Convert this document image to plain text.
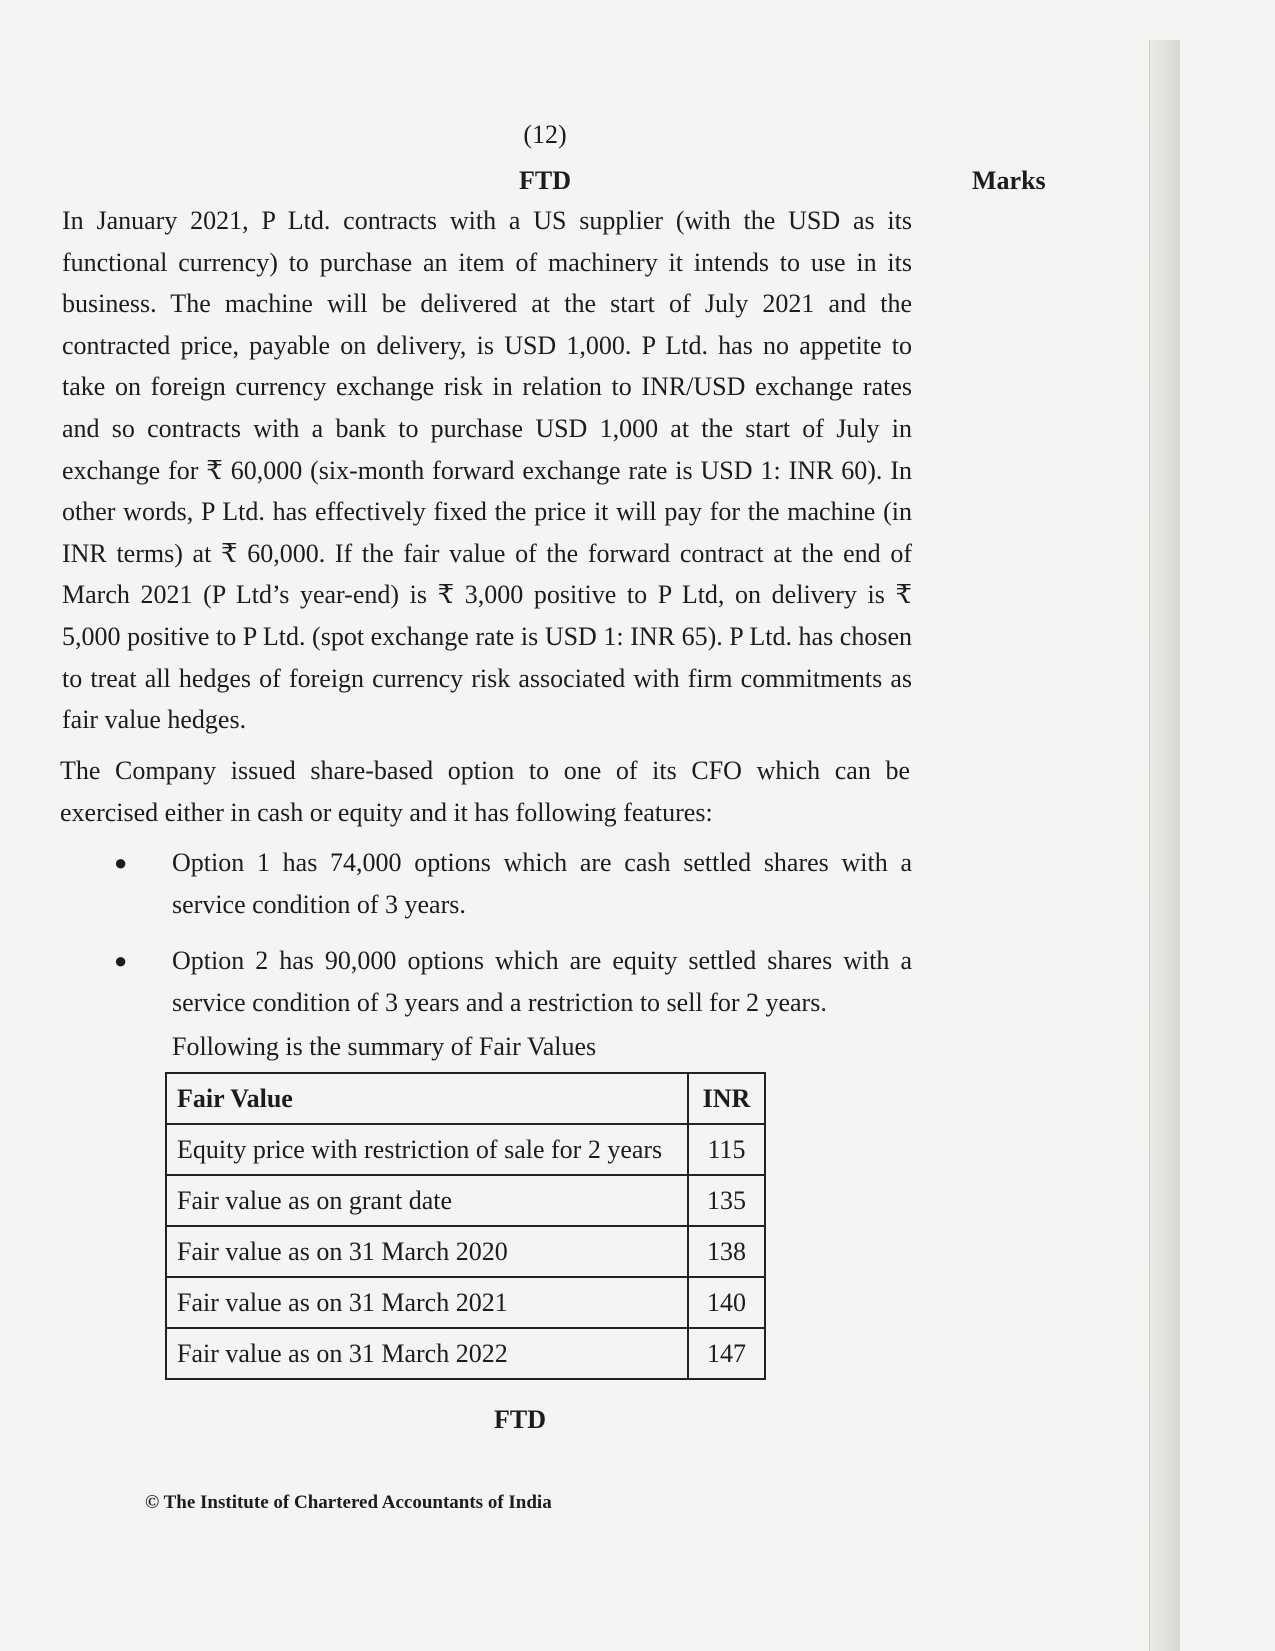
(12)
FTD	Marks
In January 2021, P Ltd. contracts with a US supplier (with the USD as its functional currency) to purchase an item of machinery it intends to use in its business. The machine will be delivered at the start of July 2021 and the contracted price, payable on delivery, is USD 1,000. P Ltd. has no appetite to take on foreign currency exchange risk in relation to INR/USD exchange rates and so contracts with a bank to purchase USD 1,000 at the start of July in exchange for ₹ 60,000 (six-month forward exchange rate is USD 1: INR 60). In other words, P Ltd. has effectively fixed the price it will pay for the machine (in INR terms) at ₹ 60,000. If the fair value of the forward contract at the end of March 2021 (P Ltd’s year-end) is ₹ 3,000 positive to P Ltd, on delivery is ₹ 5,000 positive to P Ltd. (spot exchange rate is USD 1: INR 65). P Ltd. has chosen to treat all hedges of foreign currency risk associated with firm commitments as fair value hedges.
The Company issued share-based option to one of its CFO which can be exercised either in cash or equity and it has following features:
● Option 1 has 74,000 options which are cash settled shares with a service condition of 3 years.
● Option 2 has 90,000 options which are equity settled shares with a service condition of 3 years and a restriction to sell for 2 years.
Following is the summary of Fair Values
Fair Value	INR
Equity price with restriction of sale for 2 years	115
Fair value as on grant date	135
Fair value as on 31 March 2020	138
Fair value as on 31 March 2021	140
Fair value as on 31 March 2022	147
FTD
© The Institute of Chartered Accountants of India
